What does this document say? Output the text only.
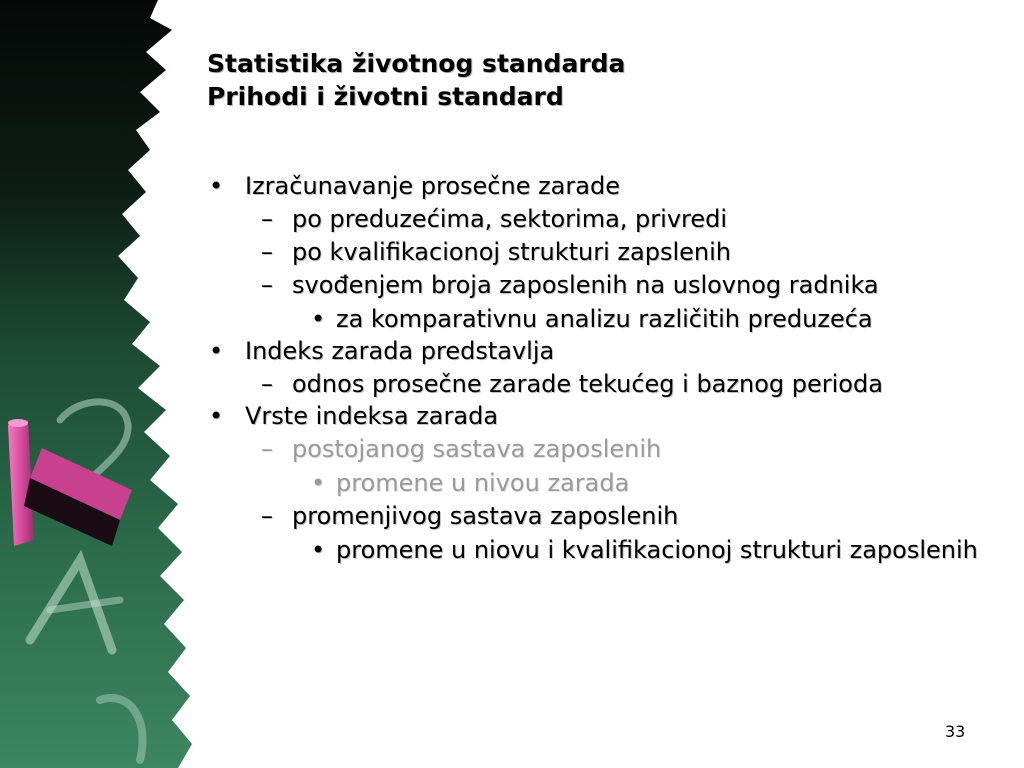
Statistika životnog standarda
Prihodi i životni standard
• Izračunavanje prosečne zarade
– po preduzećima, sektorima, privredi
– po kvalifikacionoj strukturi zapslenih
– svođenjem broja zaposlenih na uslovnog radnika
• za komparativnu analizu različitih preduzeća
• Indeks zarada predstavlja
– odnos prosečne zarade tekućeg i baznog perioda
• Vrste indeksa zarada
– postojanog sastava zaposlenih
• promene u nivou zarada
– promenjivog sastava zaposlenih
• promene u niovu i kvalifikacionoj strukturi zaposlenih
33
